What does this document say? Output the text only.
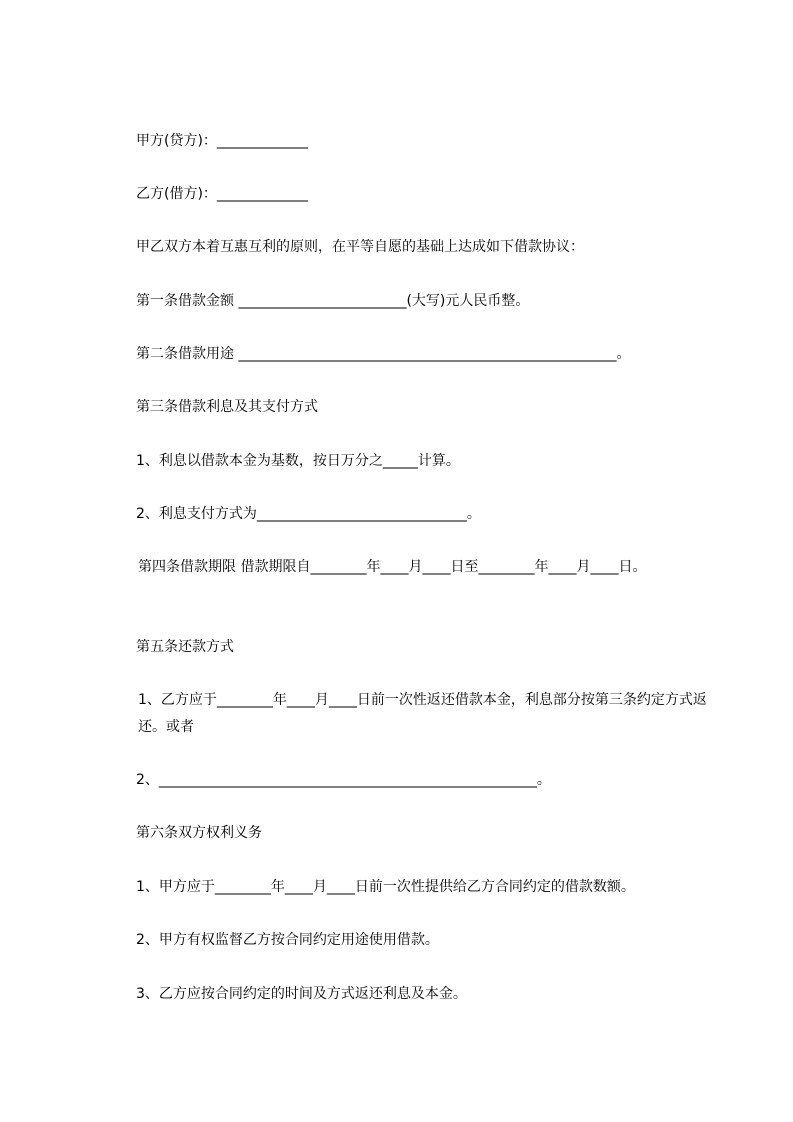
甲方(贷方)：_____________
乙方(借方)：_____________
甲乙双方本着互惠互利的原则，在平等自愿的基础上达成如下借款协议：
第一条借款金额 ________________________(大写)元人民币整。
第二条借款用途 ______________________________________________________。
第三条借款利息及其支付方式
1、利息以借款本金为基数，按日万分之_____计算。
2、利息支付方式为______________________________。
第四条借款期限 借款期限自________年____月____日至________年____月____日。
第五条还款方式
1、乙方应于________年____月____日前一次性返还借款本金，利息部分按第三条约定方式返还。或者
2、______________________________________________________。
第六条双方权利义务
1、甲方应于________年____月____日前一次性提供给乙方合同约定的借款数额。
2、甲方有权监督乙方按合同约定用途使用借款。
3、乙方应按合同约定的时间及方式返还利息及本金。
